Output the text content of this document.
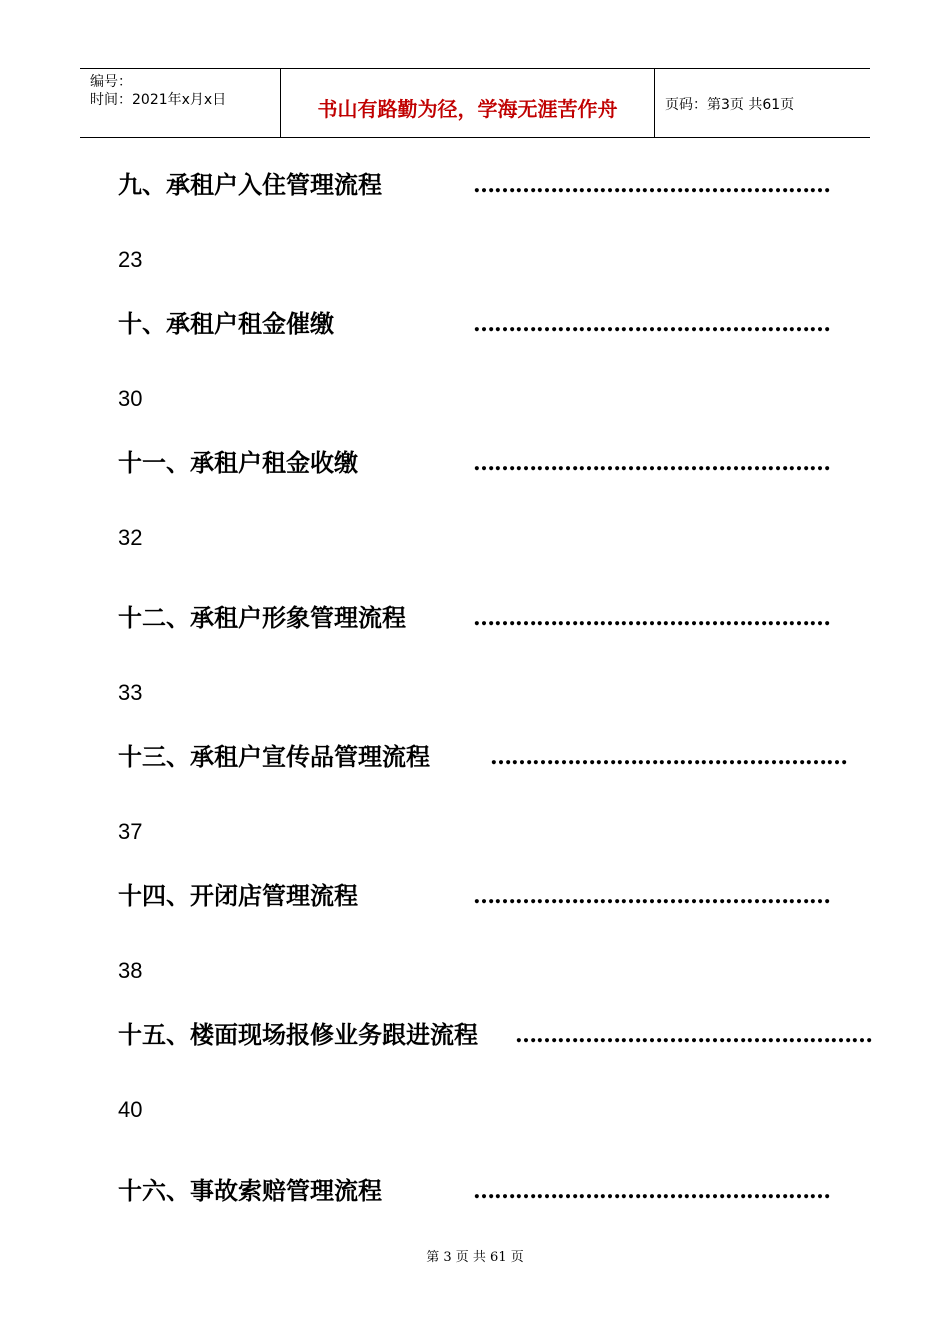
编号：
时间：2021年x月x日	书山有路勤为径，学海无涯苦作舟	页码：第3页 共61页
九、承租户入住管理流程	……………………………………………
23
十、承租户租金催缴	……………………………………………
30
十一、承租户租金收缴	……………………………………………
32
十二、承租户形象管理流程	……………………………………………
33
十三、承租户宣传品管理流程	……………………………………………
37
十四、开闭店管理流程	……………………………………………
38
十五、楼面现场报修业务跟进流程 ……………………………………………
40
十六、事故索赔管理流程	……………………………………………
第 3 页 共 61 页
